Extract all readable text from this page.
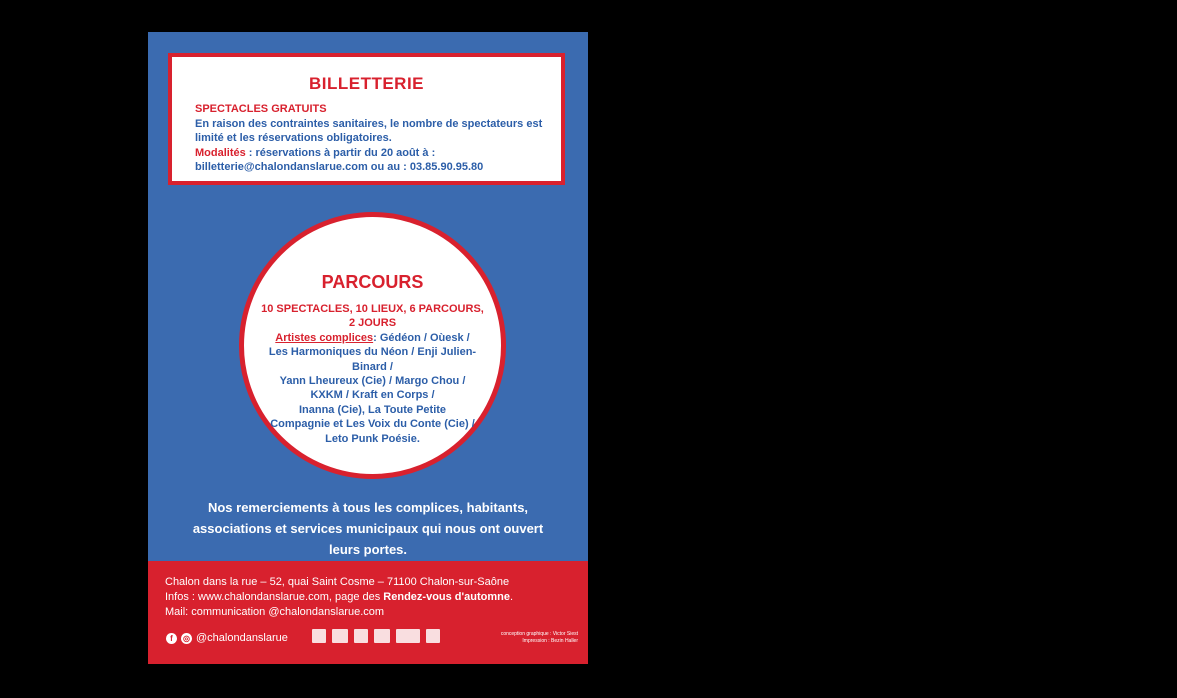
BILLETTERIE
SPECTACLES GRATUITS
En raison des contraintes sanitaires, le nombre de spectateurs est
limité et les réservations obligatoires.
Modalités : réservations à partir du 20 août à :
billetterie@chalondanslarue.com ou au : 03.85.90.95.80
PARCOURS
10 SPECTACLES, 10 LIEUX, 6 PARCOURS,
2 JOURS
Artistes complices: Gédéon / Oùesk /
Les Harmoniques du Néon / Enji Julien-Binard /
Yann Lheureux (Cie) / Margo Chou /
KXKM / Kraft en Corps /
Inanna (Cie), La Toute Petite
Compagnie et Les Voix du Conte (Cie) /
Leto Punk Poésie.
Nos remerciements à tous les complices, habitants,
associations et services municipaux qui nous ont ouvert
leurs portes.
Chalon dans la rue – 52, quai Saint Cosme – 71100 Chalon-sur-Saône
Infos : www.chalondanslarue.com, page des Rendez-vous d'automne.
Mail: communication @chalondanslarue.com
f	◎ @chalondanslarue	conception graphique : Victor Siest
Impression : Bezin Haller
